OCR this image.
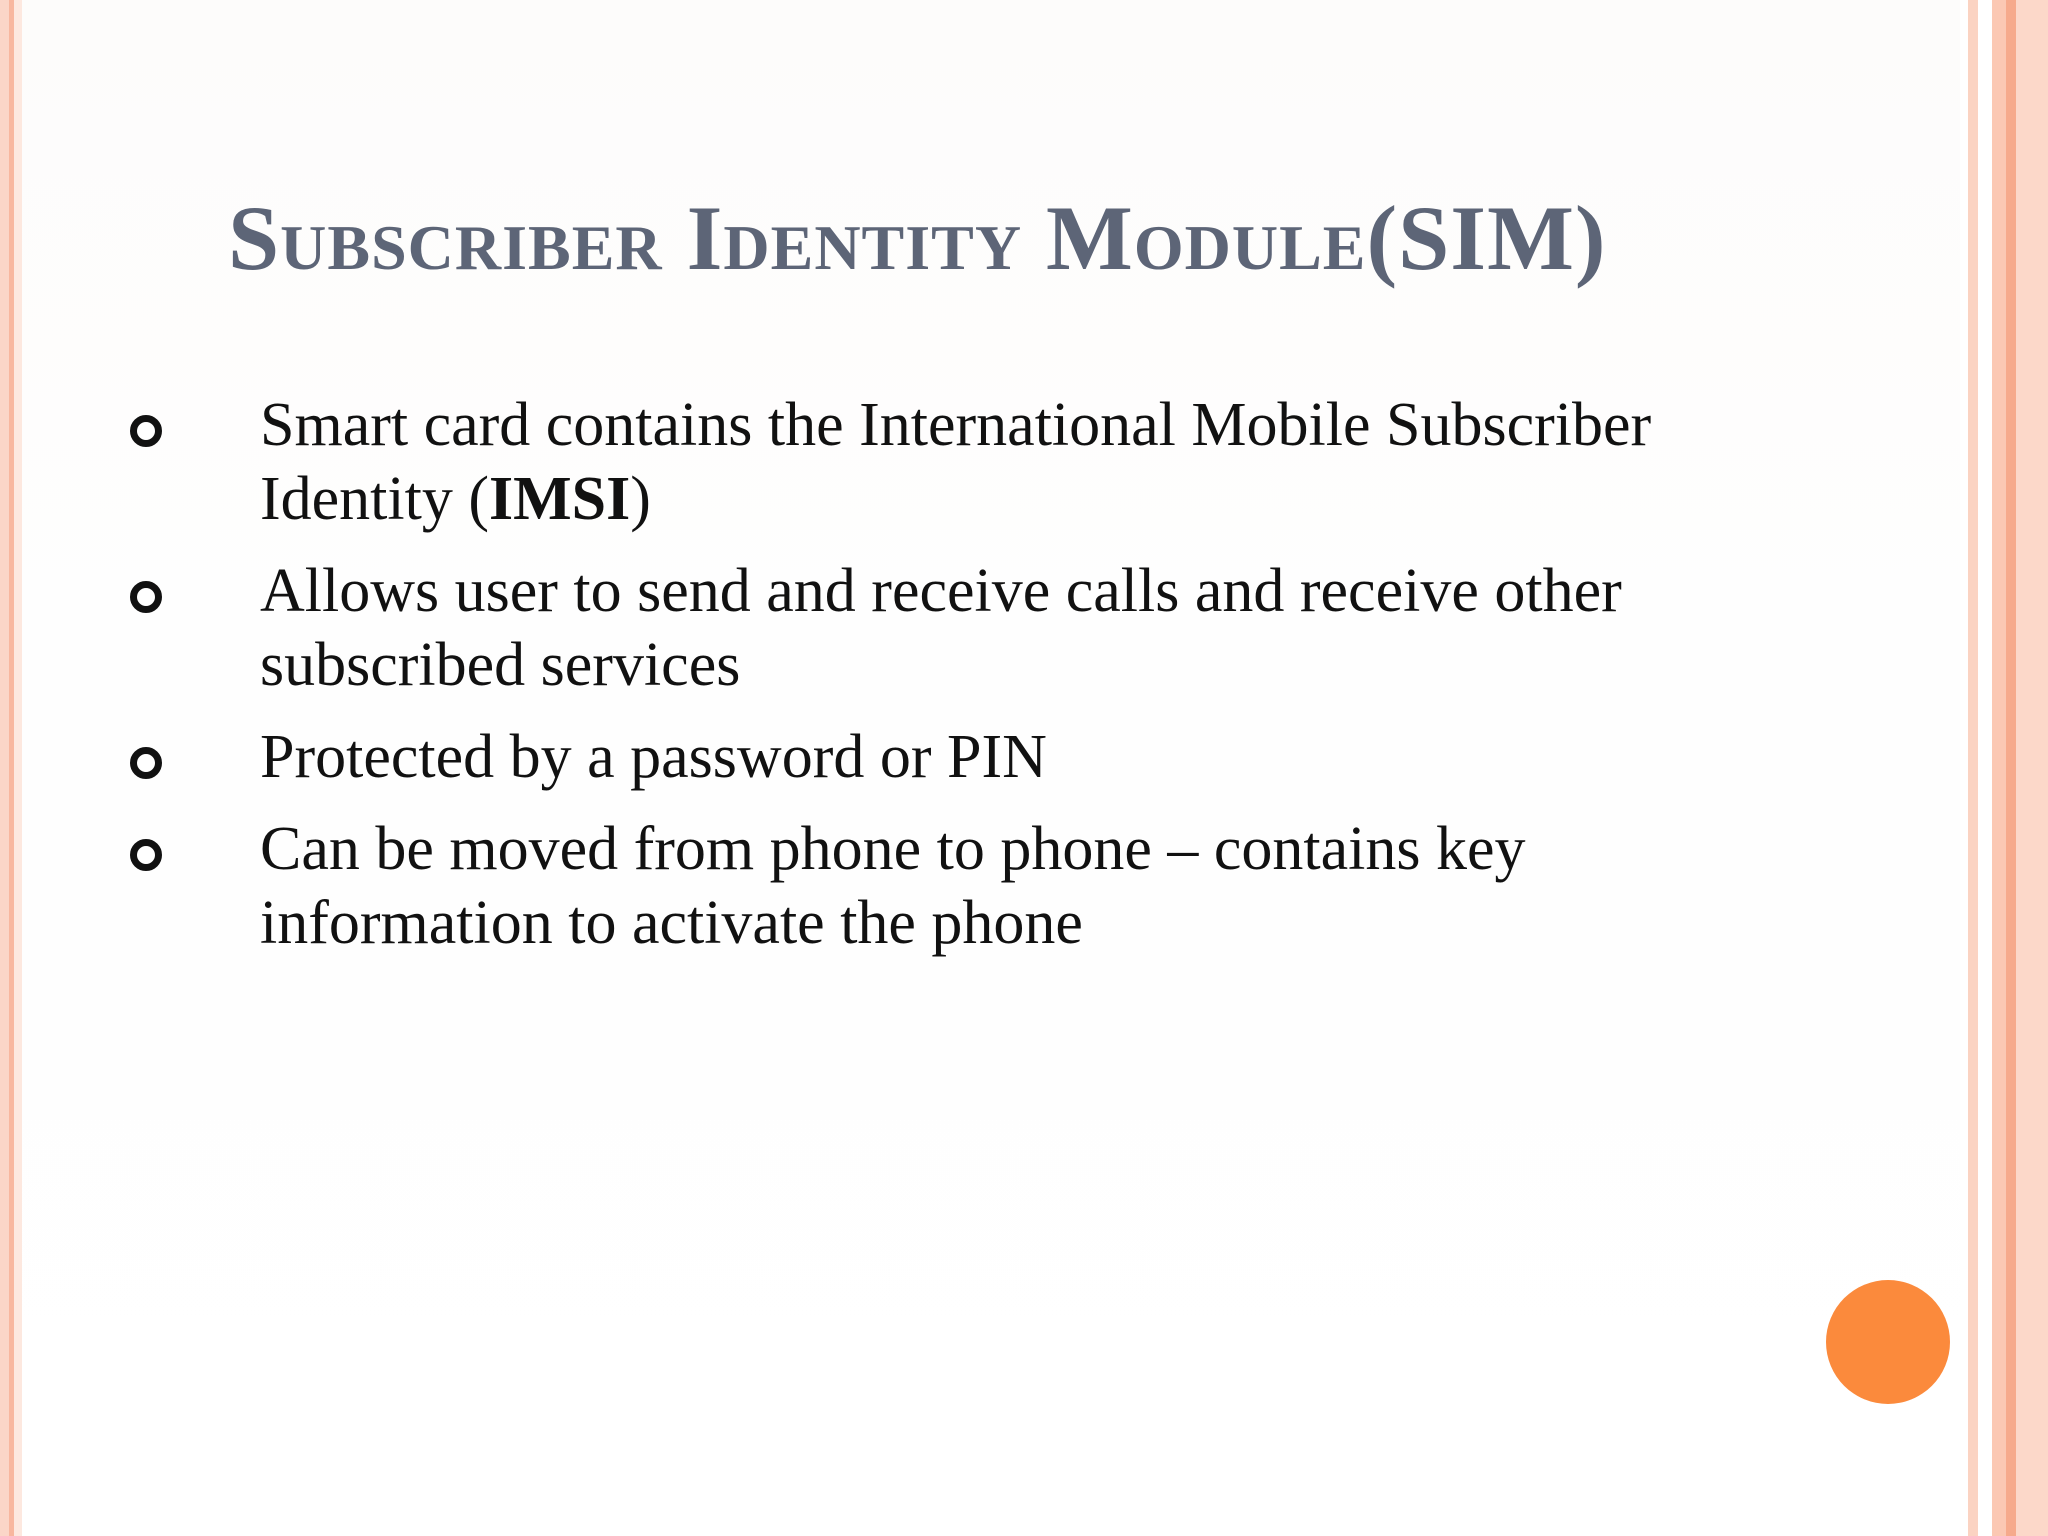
Subscriber Identity Module(SIM)
Smart card contains the International Mobile Subscriber Identity (IMSI)
Allows user to send and receive calls and receive other subscribed services
Protected by a password or PIN
Can be moved from phone to phone – contains key information to activate the phone
